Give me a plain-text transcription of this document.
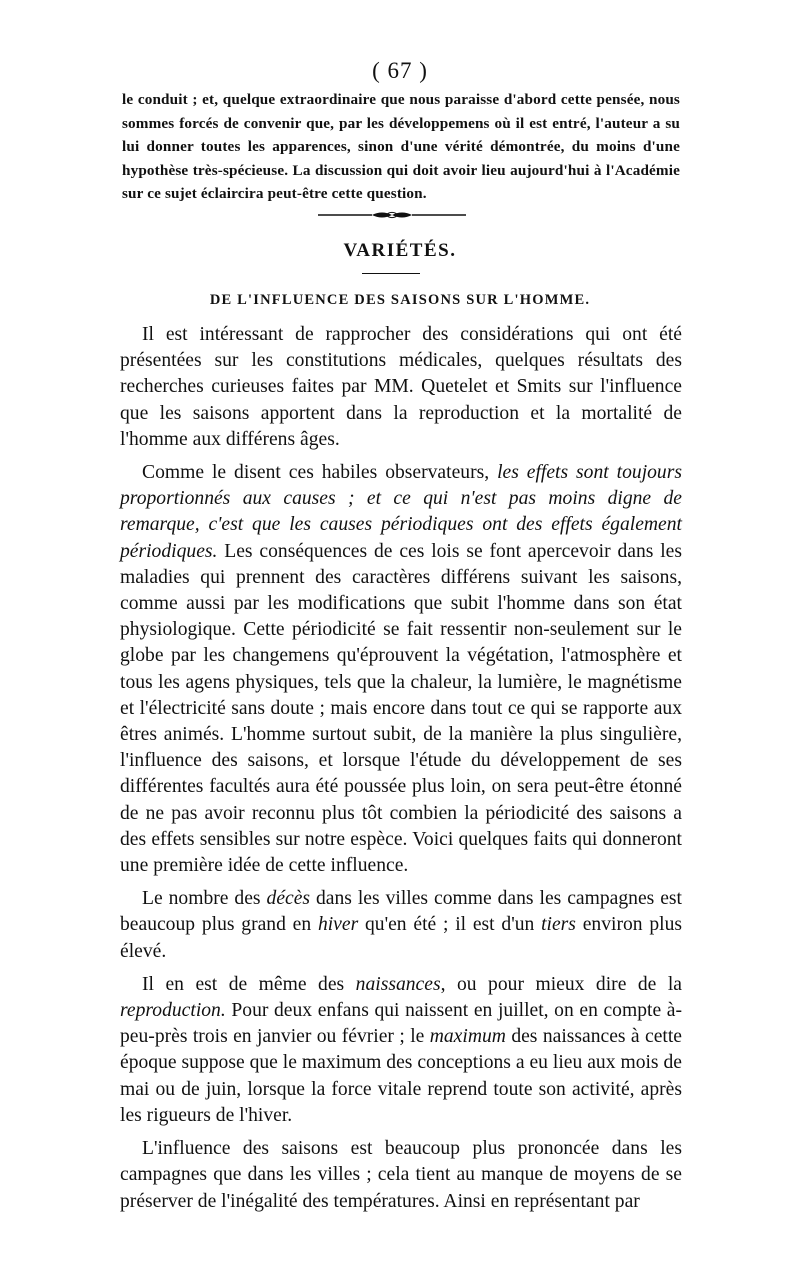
( 67 )
le conduit ; et, quelque extraordinaire que nous paraisse d'abord cette pensée, nous sommes forcés de convenir que, par les développemens où il est entré, l'auteur a su lui donner toutes les apparences, sinon d'une vérité démontrée, du moins d'une hypothèse très-spécieuse. La discussion qui doit avoir lieu aujourd'hui à l'Académie sur ce sujet éclaircira peut-être cette question.
VARIÉTÉS.
DE L'INFLUENCE DES SAISONS SUR L'HOMME.

Il est intéressant de rapprocher des considérations qui ont été présentées sur les constitutions médicales, quelques résultats des recherches curieuses faites par MM. Quetelet et Smits sur l'influence que les saisons apportent dans la reproduction et la mortalité de l'homme aux différens âges.

Comme le disent ces habiles observateurs, les effets sont toujours proportionnés aux causes ; et ce qui n'est pas moins digne de remarque, c'est que les causes périodiques ont des effets également périodiques. Les conséquences de ces lois se font apercevoir dans les maladies qui prennent des caractères différens suivant les saisons, comme aussi par les modifications que subit l'homme dans son état physiologique. Cette périodicité se fait ressentir non-seulement sur le globe par les changemens qu'éprouvent la végétation, l'atmosphère et tous les agens physiques, tels que la chaleur, la lumière, le magnétisme et l'électricité sans doute ; mais encore dans tout ce qui se rapporte aux êtres animés. L'homme surtout subit, de la manière la plus singulière, l'influence des saisons, et lorsque l'étude du développement de ses différentes facultés aura été poussée plus loin, on sera peut-être étonné de ne pas avoir reconnu plus tôt combien la périodicité des saisons a des effets sensibles sur notre espèce. Voici quelques faits qui donneront une première idée de cette influence.

Le nombre des décès dans les villes comme dans les campagnes est beaucoup plus grand en hiver qu'en été ; il est d'un tiers environ plus élevé.

Il en est de même des naissances, ou pour mieux dire de la reproduction. Pour deux enfans qui naissent en juillet, on en compte à-peu-près trois en janvier ou février ; le maximum des naissances à cette époque suppose que le maximum des conceptions a eu lieu aux mois de mai ou de juin, lorsque la force vitale reprend toute son activité, après les rigueurs de l'hiver.

L'influence des saisons est beaucoup plus prononcée dans les campagnes que dans les villes ; cela tient au manque de moyens de se préserver de l'inégalité des températures. Ainsi en représentant par
